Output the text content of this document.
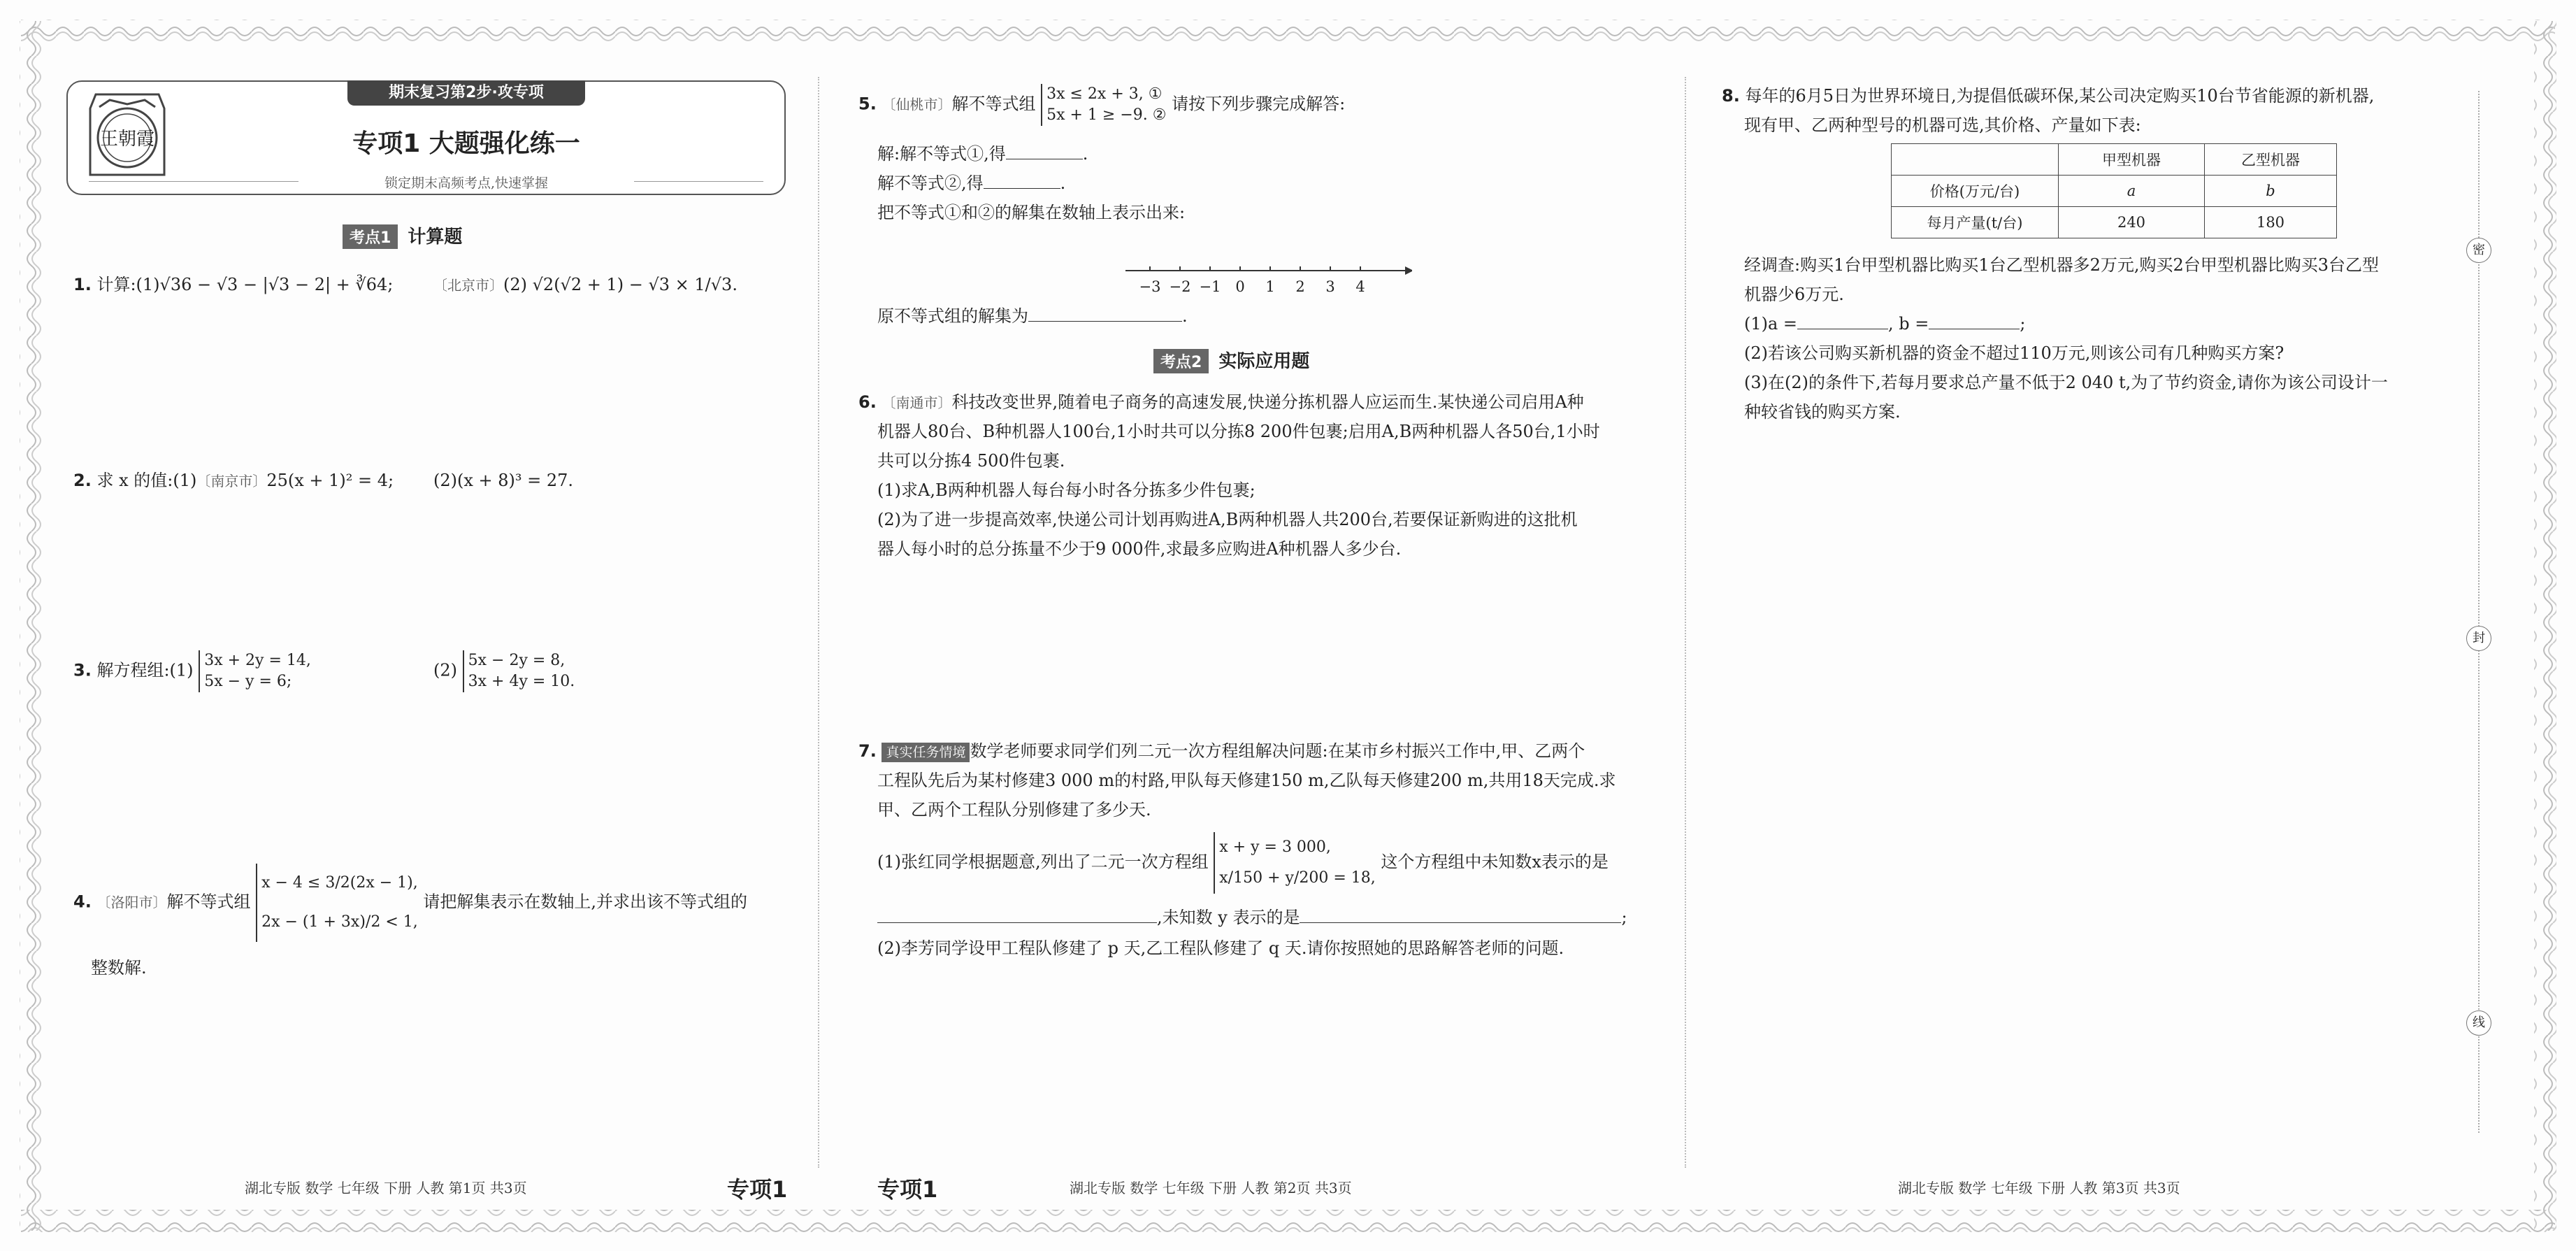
王朝霞
期末复习第2步·攻专项
专项1 大题强化练一
锁定期末高频考点,快速掌握
考点1 计算题
1. 计算:(1)√36 − √3 − |√3 − 2| + ∛64;	〔北京市〕(2) √2(√2 + 1) − √3 × 1/√3.
2. 求 x 的值:(1)〔南京市〕25(x + 1)² = 4; (2)(x + 8)³ = 27.
3. 解方程组:(1) 3x + 2y = 14,
5x − y = 6;
(2) 5x − 2y = 8,
3x + 4y = 10.
4. 〔洛阳市〕解不等式组 x − 4 ≤ 3/2(2x − 1),
2x − (1 + 3x)/2 < 1, 请把解集表示在数轴上,并求出该不等式组的
整数解.
5. 〔仙桃市〕解不等式组 3x ≤ 2x + 3, ①
5x + 1 ≥ −9. ② 请按下列步骤完成解答:
解:解不等式①,得	.
解不等式②,得	.
把不等式①和②的解集在数轴上表示出来:
−3 −2 −1 0 1 2 3 4
原不等式组的解集为	.
考点2 实际应用题
6. 〔南通市〕科技改变世界,随着电子商务的高速发展,快递分拣机器人应运而生.某快递公司启用A种
机器人80台、B种机器人100台,1小时共可以分拣8 200件包裹;启用A,B两种机器人各50台,1小时
共可以分拣4 500件包裹.
(1)求A,B两种机器人每台每小时各分拣多少件包裹;
(2)为了进一步提高效率,快递公司计划再购进A,B两种机器人共200台,若要保证新购进的这批机
器人每小时的总分拣量不少于9 000件,求最多应购进A种机器人多少台.
7. 真实任务情境 数学老师要求同学们列二元一次方程组解决问题:在某市乡村振兴工作中,甲、乙两个
工程队先后为某村修建3 000 m的村路,甲队每天修建150 m,乙队每天修建200 m,共用18天完成.求
甲、乙两个工程队分别修建了多少天.
(1)张红同学根据题意,列出了二元一次方程组 x + y = 3 000,
x/150 + y/200 = 18, 这个方程组中未知数x表示的是
,未知数 y 表示的是	;
(2)李芳同学设甲工程队修建了 p 天,乙工程队修建了 q 天.请你按照她的思路解答老师的问题.
8. 每年的6月5日为世界环境日,为提倡低碳环保,某公司决定购买10台节省能源的新机器,
现有甲、乙两种型号的机器可选,其价格、产量如下表:
	甲型机器	乙型机器
价格(万元/台)	a	b
每月产量(t/台)	240	180
经调查:购买1台甲型机器比购买1台乙型机器多2万元,购买2台甲型机器比购买3台乙型
机器少6万元.
(1)a =	, b =	;
(2)若该公司购买新机器的资金不超过110万元,则该公司有几种购买方案?
(3)在(2)的条件下,若每月要求总产量不低于2 040 t,为了节约资金,请你为该公司设计一
种较省钱的购买方案.
密
封
线
湖北专版 数学 七年级 下册 人教 第1页 共3页	专项1	专项1	湖北专版 数学 七年级 下册 人教 第2页 共3页	湖北专版 数学 七年级 下册 人教 第3页 共3页
